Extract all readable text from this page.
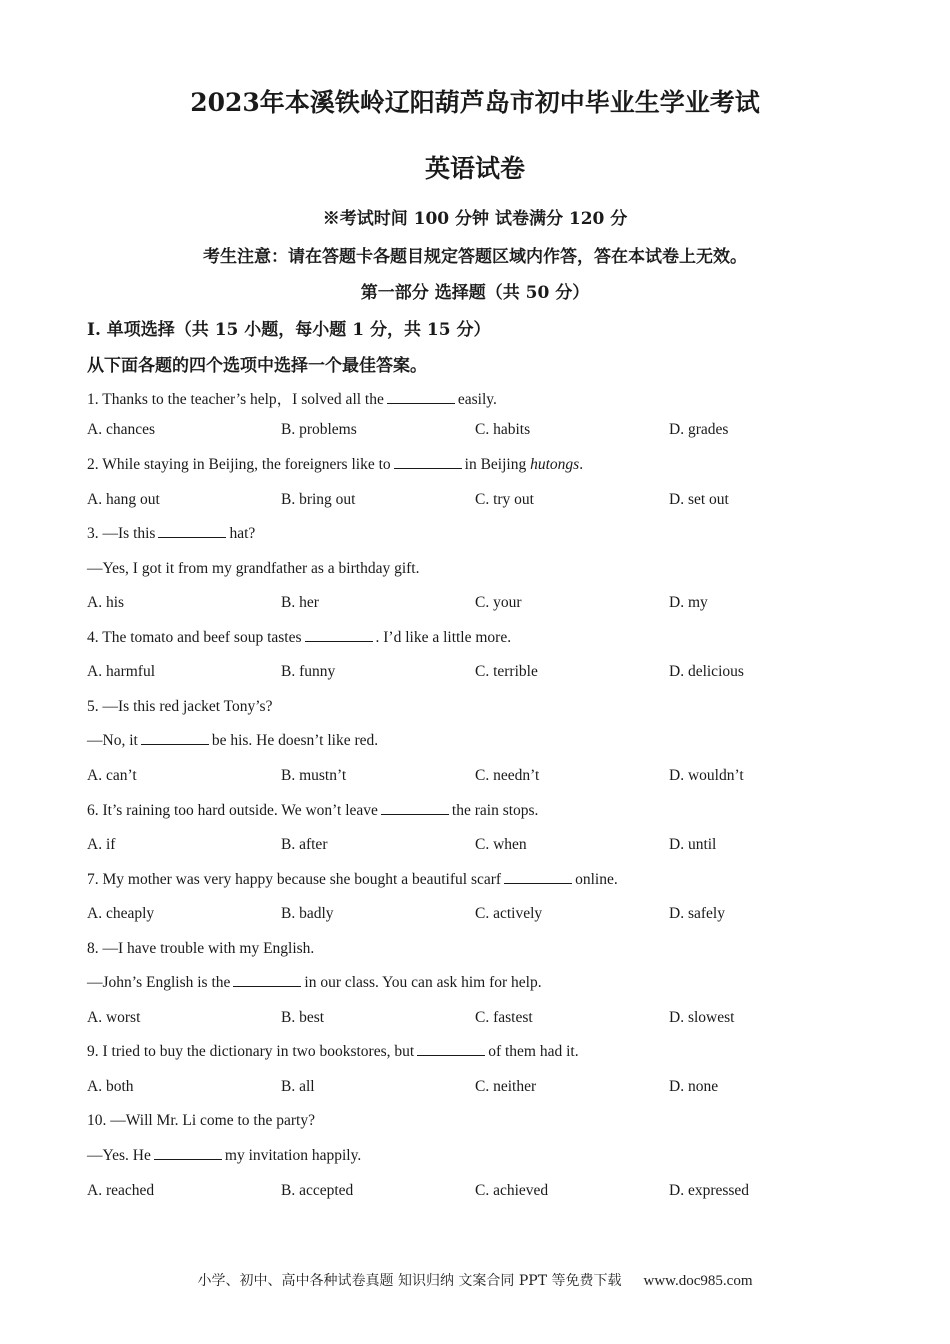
2023年本溪铁岭辽阳葫芦岛市初中毕业生学业考试
英语试卷
※考试时间 100 分钟 试卷满分 120 分
考生注意：请在答题卡各题目规定答题区域内作答，答在本试卷上无效。
第一部分 选择题（共 50 分）
Ⅰ. 单项选择（共 15 小题，每小题 1 分，共 15 分）
从下面各题的四个选项中选择一个最佳答案。
1. Thanks to the teacher’s help，I solved all the	easily.
A. chances	B. problems	C. habits	D. grades
2. While staying in Beijing, the foreigners like to	in Beijing hutongs.
A. hang out	B. bring out	C. try out	D. set out
3. —Is this	hat?
—Yes, I got it from my grandfather as a birthday gift.
A. his	B. her	C. your	D. my
4. The tomato and beef soup tastes	. I’d like a little more.
A. harmful	B. funny	C. terrible	D. delicious
5. —Is this red jacket Tony’s?
—No, it	be his. He doesn’t like red.
A. can’t	B. mustn’t	C. needn’t	D. wouldn’t
6. It’s raining too hard outside. We won’t leave	the rain stops.
A. if	B. after	C. when	D. until
7. My mother was very happy because she bought a beautiful scarf	online.
A. cheaply	B. badly	C. actively	D. safely
8. —I have trouble with my English.
—John’s English is the	in our class. You can ask him for help.
A. worst	B. best	C. fastest	D. slowest
9. I tried to buy the dictionary in two bookstores, but	of them had it.
A. both	B. all	C. neither	D. none
10. —Will Mr. Li come to the party?
—Yes. He	my invitation happily.
A. reached	B. accepted	C. achieved	D. expressed
小学、初中、高中各种试卷真题 知识归纳 文案合同 PPT 等免费下载 www.doc985.com
